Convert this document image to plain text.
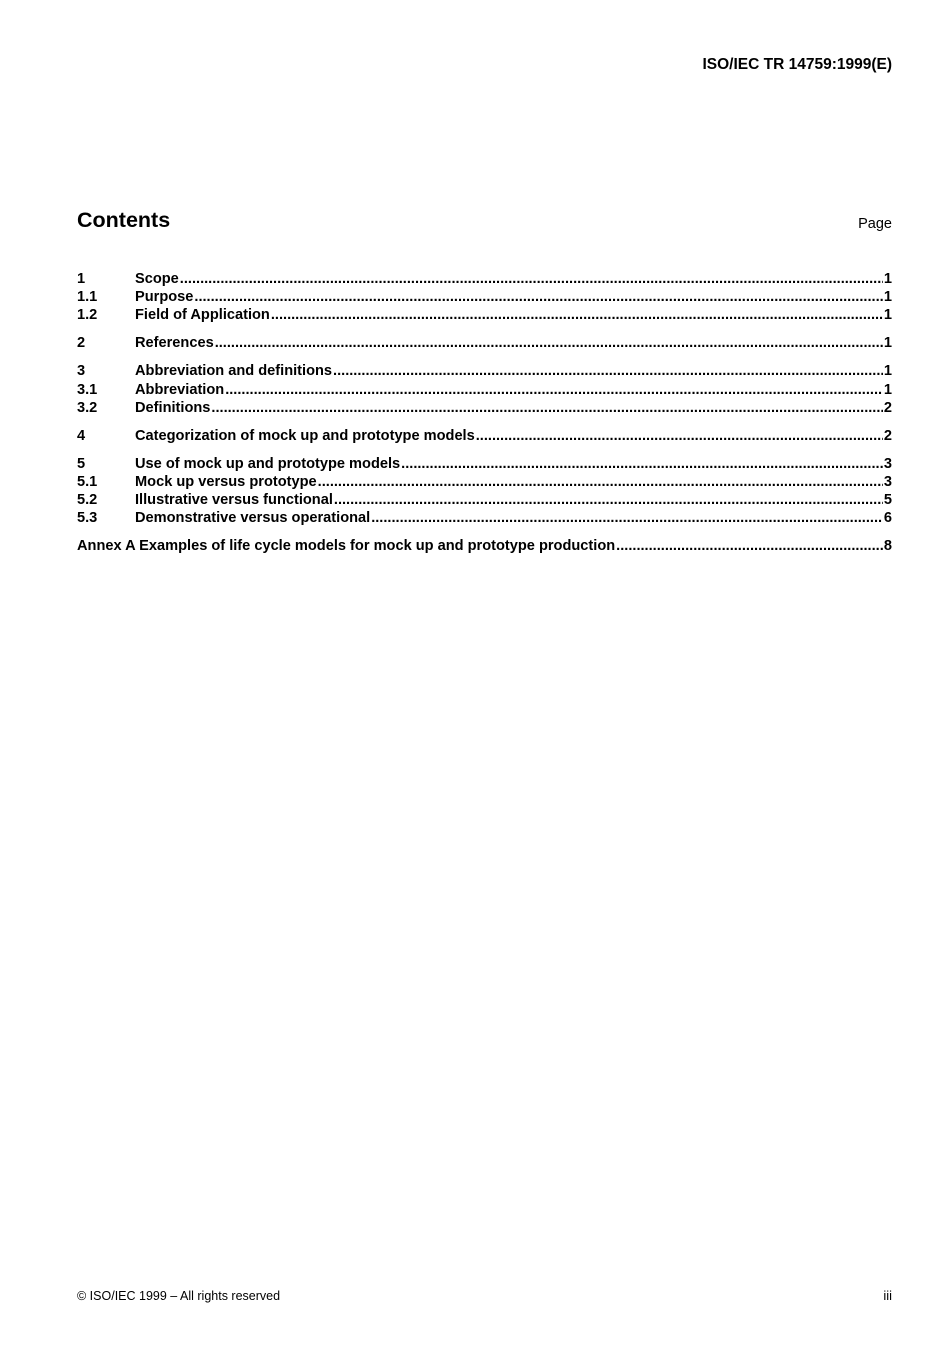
ISO/IEC TR 14759:1999(E)
Contents	Page
1	Scope .....	1
1.1	Purpose .....	1
1.2	Field of Application .....	1
2	References .....	1
3	Abbreviation and definitions .....	1
3.1	Abbreviation .....	1
3.2	Definitions .....	2
4	Categorization of mock up and prototype models .....	2
5	Use of mock up and prototype models .....	3
5.1	Mock up versus prototype .....	3
5.2	Illustrative versus functional .....	5
5.3	Demonstrative versus operational .....	6
Annex A Examples of life cycle models for mock up and prototype production .....	8
© ISO/IEC 1999 – All rights reserved	iii
